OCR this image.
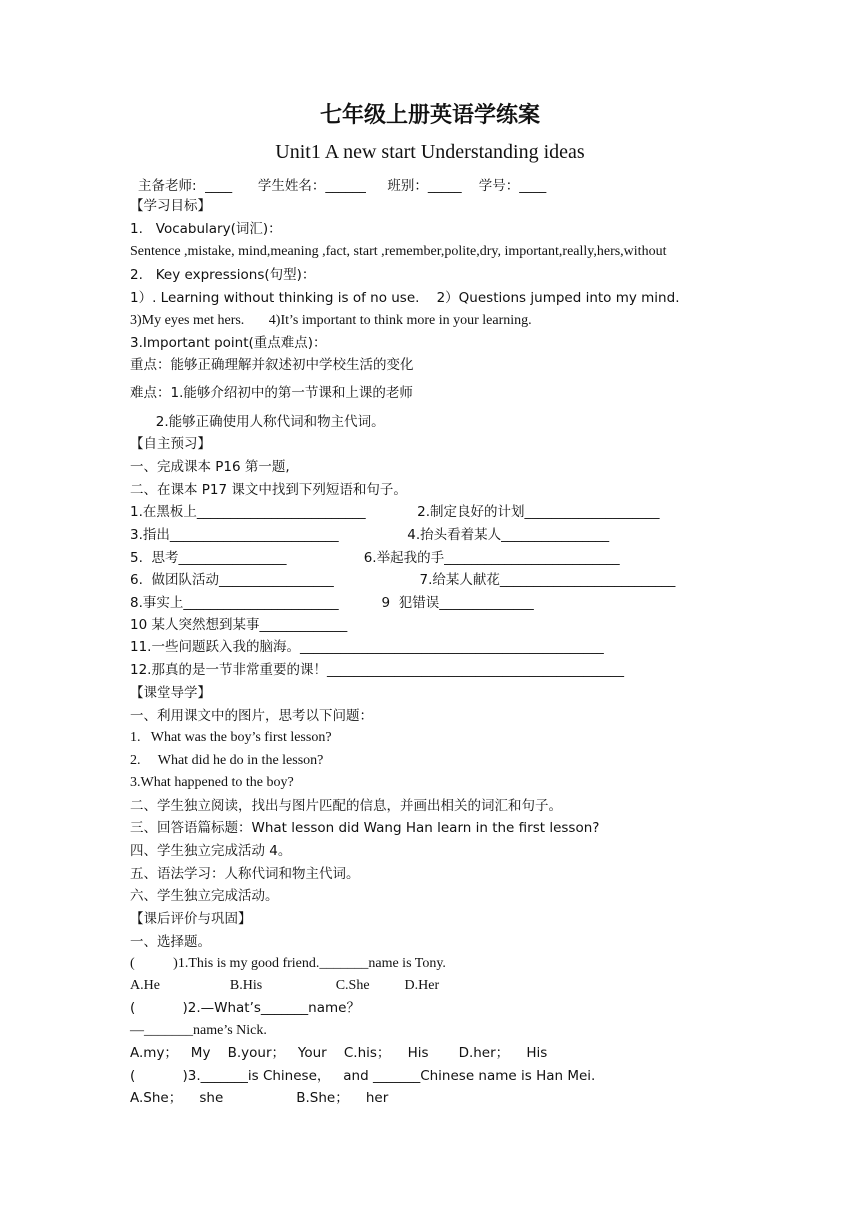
七年级上册英语学练案
Unit1 A new start Understanding ideas
主备老师:  ____      学生姓名：______     班别：_____    学号：____
【学习目标】
1.   Vocabulary(词汇)：
Sentence ,mistake, mind,meaning ,fact, start ,remember,polite,dry, important,really,hers,without
2.   Key expressions(句型)：
1）. Learning without thinking is of no use.    2）Questions jumped into my mind.
3)My eyes met hers.       4)It’s important to think more in your learning.
3.Important point(重点难点)：
重点：能够正确理解并叙述初中学校生活的变化
难点：1.能够介绍初中的第一节课和上课的老师
2.能够正确使用人称代词和物主代词。
【自主预习】
一、完成课本 P16 第一题,
二、在课本 P17 课文中找到下列短语和句子。
1.在黑板上_________________________            2.制定良好的计划____________________
3.指出_________________________                4.抬头看着某人________________
5.  思考________________                  6.举起我的手__________________________
6.  做团队活动_________________                    7.给某人献花__________________________
8.事实上_______________________          9  犯错误______________
10 某人突然想到某事_____________
11.一些问题跃入我的脑海。_____________________________________________
12.那真的是一节非常重要的课！____________________________________________
【课堂导学】
一、利用课文中的图片，思考以下问题：
1.   What was the boy’s first lesson?
2.     What did he do in the lesson?
3.What happened to the boy?
二、学生独立阅读，找出与图片匹配的信息，并画出相关的词汇和句子。
三、回答语篇标题：What lesson did Wang Han learn in the first lesson?
四、学生独立完成活动 4。
五、语法学习：人称代词和物主代词。
六、学生独立完成活动。
【课后评价与巩固】
一、选择题。
(           )1.This is my good friend._______name is Tony.
A.He                    B.His                     C.She          D.Her
(           )2.—What’s_______name？
—_______name’s Nick.
A.my；   My    B.your；   Your    C.his；    His       D.her；    His
(           )3._______is Chinese，   and _______Chinese name is Han Mei.
A.She；    she                 B.She；    her
